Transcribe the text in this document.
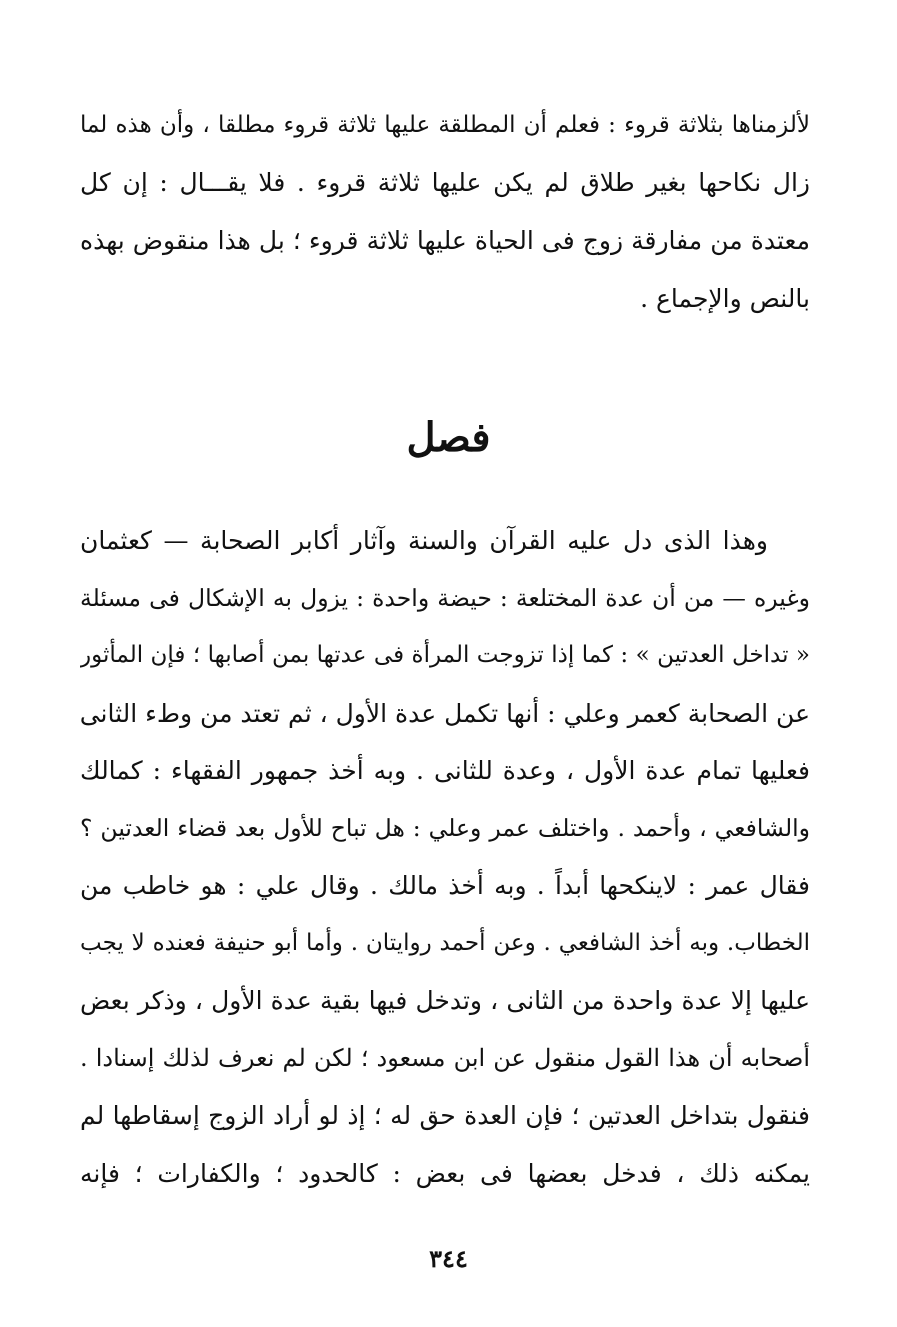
لألزمناها بثلاثة قروء : فعلم أن المطلقة عليها ثلاثة قروء مطلقا ، وأن هذه لما
زال نكاحها بغير طلاق لم يكن عليها ثلاثة قروء . فلا يقـــال : إن كل
معتدة من مفارقة زوج فى الحياة عليها ثلاثة قروء ؛ بل هذا منقوض بهذه
بالنص والإجماع .
فصل
وهذا الذى دل عليه القرآن والسنة وآثار أكابر الصحابة — كعثمان
وغيره — من أن عدة المختلعة : حيضة واحدة : يزول به الإشكال فى مسئلة
« تداخل العدتين » : كما إذا تزوجت المرأة فى عدتها بمن أصابها ؛ فإن المأثور
عن الصحابة كعمر وعلي : أنها تكمل عدة الأول ، ثم تعتد من وطء الثانى
فعليها تمام عدة الأول ، وعدة للثانى . وبه أخذ جمهور الفقهاء : كمالك
والشافعي ، وأحمد . واختلف عمر وعلي : هل تباح للأول بعد قضاء العدتين ؟
فقال عمر : لاينكحها أبداً . وبه أخذ مالك . وقال علي : هو خاطب من
الخطاب. وبه أخذ الشافعي . وعن أحمد روايتان . وأما أبو حنيفة فعنده لا يجب
عليها إلا عدة واحدة من الثانى ، وتدخل فيها بقية عدة الأول ، وذكر بعض
أصحابه أن هذا القول منقول عن ابن مسعود ؛ لكن لم نعرف لذلك إسنادا .
فنقول بتداخل العدتين ؛ فإن العدة حق له ؛ إذ لو أراد الزوج إسقاطها لم
يمكنه ذلك ، فدخل بعضها فى بعض : كالحدود ؛ والكفارات ؛ فإنه
٣٤٤
